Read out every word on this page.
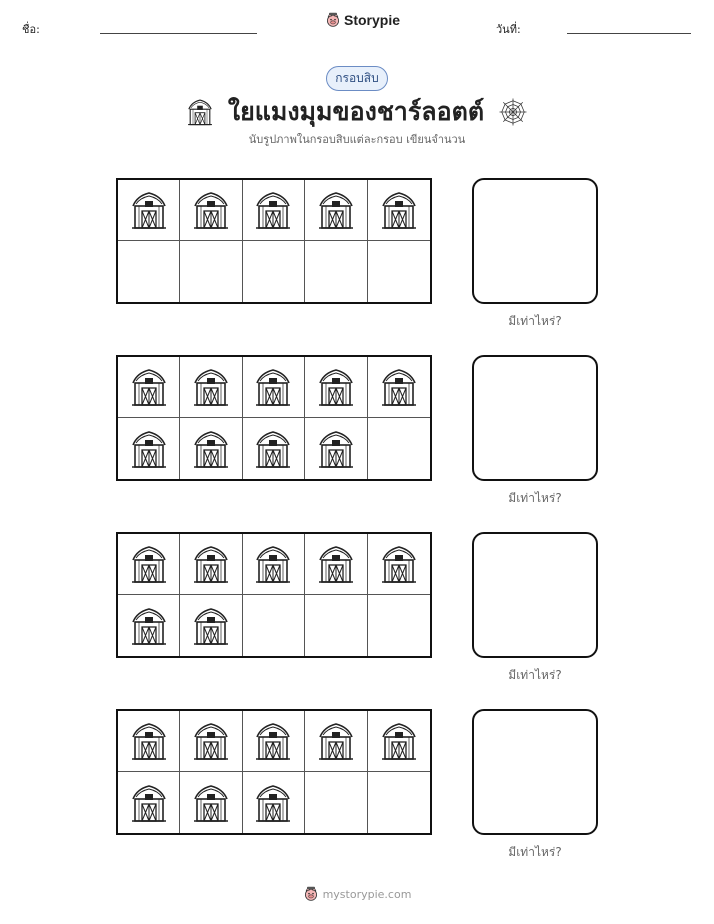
ชื่อ:
Storypie
วันที่:
กรอบสิบ
ใยแมงมุมของชาร์ลอตต์
นับรูปภาพในกรอบสิบแต่ละกรอบ เขียนจำนวน
มีเท่าไหร่?
มีเท่าไหร่?
มีเท่าไหร่?
มีเท่าไหร่?
mystorypie.com
